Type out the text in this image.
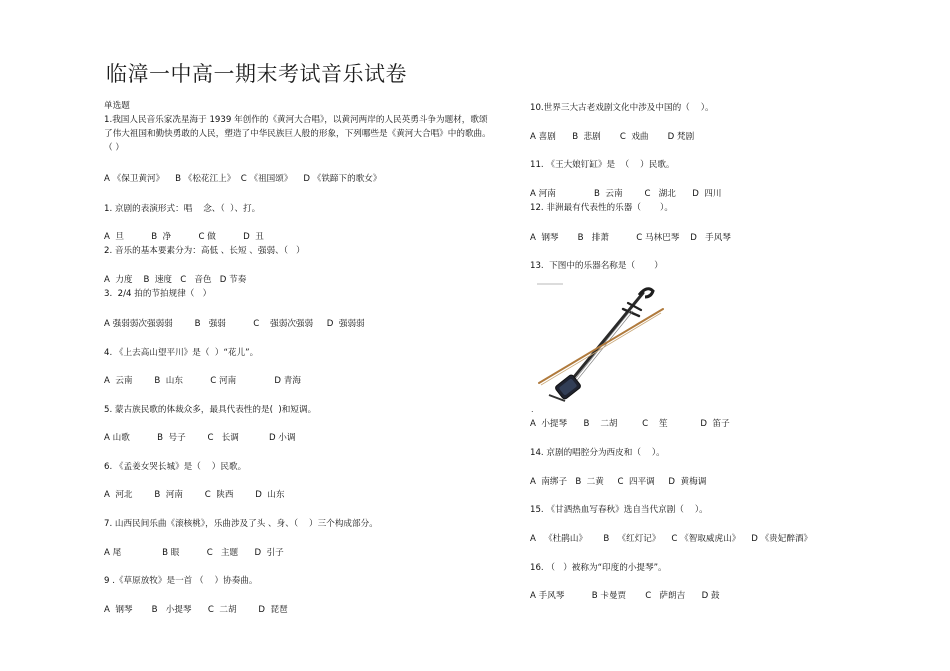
临漳一中高一期末考试音乐试卷
单选题
1.我国人民音乐家冼星海于 1939 年创作的《黄河大合唱》，以黄河两岸的人民英勇斗争为题材，歌颂了伟大祖国和勤快勇敢的人民，塑造了中华民族巨人般的形象，下列哪些是《黄河大合唱》中的歌曲。（ ）
A 《保卫黄河》    B 《松花江上》  C 《祖国颂》    D 《铁蹄下的歌女》
1. 京剧的表演形式：唱    念、（  ）、打。
A  旦          B  净          C 做          D  丑
2. 音乐的基本要素分为：高低 、长短 、强弱、（   ）
A  力度    B  速度   C   音色   D 节奏
3.  2/4 拍的节拍规律（   ）
A 强弱弱次强弱弱        B   强弱          C    强弱次强弱     D  强弱弱
4. 《上去高山望平川》是（  ）“花儿”。
A  云南        B  山东          C 河南              D 青海
5. 蒙古族民歌的体裁众多，最具代表性的是(  )和短调。
A 山歌          B  号子        C   长调           D 小调
6. 《孟姜女哭长城》是（    ）民歌。
A  河北        B  河南        C  陕西        D  山东
7. 山西民间乐曲《滚核桃》，乐曲涉及了头 、身、（    ）三个构成部分。
A 尾               B 眼          C   主题      D  引子
9 .《草原放牧》是一首 （    ）协奏曲。
A  钢琴       B   小提琴      C  二胡        D  琵琶
10.世界三大古老戏剧文化中涉及中国的（    ）。
A 喜剧      B  悲剧       C  戏曲       D 梵剧
11. 《王大娘钉缸》是  （    ）民歌。
A 河南              B  云南        C   湖北      D  四川
12. 非洲最有代表性的乐器（       ）。
A  钢琴       B   排萧          C 马林巴琴    D   手风琴
13.  下图中的乐器名称是（       ）
A  小提琴      B    二胡         C    笙            D  笛子
14. 京剧的唱腔分为西皮和（    ）。
A  南绑子   B  二黄     C  四平调     D  黄梅调
15. 《甘洒热血写春秋》选自当代京剧（    ）。
A   《杜鹃山》      B   《红灯记》    C 《智取威虎山》    D 《贵妃醉酒》
16. （   ）被称为“印度的小提琴”。
A 手风琴          B 卡曼贾       C   萨朗吉      D 鼓
.
